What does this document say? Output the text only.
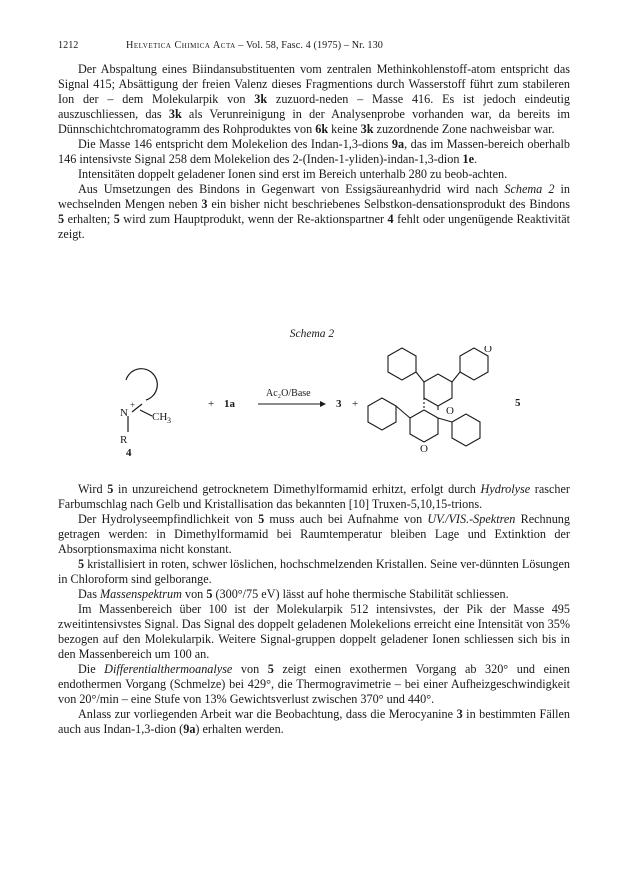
1212	Helvetica Chimica Acta – Vol. 58, Fasc. 4 (1975) – Nr. 130

Der Abspaltung eines Biindansubstituenten vom zentralen Methinkohlenstoff-atom entspricht das Signal 415; Absättigung der freien Valenz dieses Fragmentions durch Wasserstoff führt zum stabileren Ion der – dem Molekularpik von 3k zuzuord-neden – Masse 416. Es ist jedoch eindeutig auszuschliessen, das 3k als Verunreinigung in der Analysenprobe vorhanden war, da bereits im Dünnschichtchromatogramm des Rohproduktes von 6k keine 3k zuzordnende Zone nachweisbar war.

Die Masse 146 entspricht dem Molekelion des Indan-1,3-dions 9a, das im Massen-bereich oberhalb 146 intensivste Signal 258 dem Molekelion des 2-(Inden-1-yliden)-indan-1,3-dion 1e.

Intensitäten doppelt geladener Ionen sind erst im Bereich unterhalb 280 zu beob-achten.

Aus Umsetzungen des Bindons in Gegenwart von Essigsäureanhydrid wird nach Schema 2 in wechselnden Mengen neben 3 ein bisher nicht beschriebenes Selbstkon-densationsprodukt des Bindons 5 erhalten; 5 wird zum Hauptprodukt, wenn der Re-aktionspartner 4 fehlt oder ungenügende Reaktivität zeigt.

Schema 2
N
+
CH 3
R
4
+ 1a
Ac₂O/Base
3 +
O
O
O
5

Wird 5 in unzureichend getrocknetem Dimethylformamid erhitzt, erfolgt durch Hydrolyse rascher Farbumschlag nach Gelb und Kristallisation das bekannten [10] Truxen-5,10,15-trions.

Der Hydrolyseempfindlichkeit von 5 muss auch bei Aufnahme von UV./VIS.-Spektren Rechnung getragen werden: in Dimethylformamid bei Raumtemperatur bleiben Lage und Extinktion der Absorptionsmaxima nicht konstant.

5 kristallisiert in roten, schwer löslichen, hochschmelzenden Kristallen. Seine ver-dünnten Lösungen in Chloroform sind gelborange.

Das Massenspektrum von 5 (300°/75 eV) lässt auf hohe thermische Stabilität schliessen.

Im Massenbereich über 100 ist der Molekularpik 512 intensivstes, der Pik der Masse 495 zweitintensivstes Signal. Das Signal des doppelt geladenen Molekelions erreicht eine Intensität von 35% bezogen auf den Molekularpik. Weitere Signal-gruppen doppelt geladener Ionen schliessen sich bis in den Massenbereich um 100 an.

Die Differentialthermoanalyse von 5 zeigt einen exothermen Vorgang ab 320° und einen endothermen Vorgang (Schmelze) bei 429°, die Thermogravimetrie – bei einer Aufheizgeschwindigkeit von 20°/min – eine Stufe von 13% Gewichtsverlust zwischen 370° und 440°.

Anlass zur vorliegenden Arbeit war die Beobachtung, dass die Merocyanine 3 in bestimmten Fällen auch aus Indan-1,3-dion (9a) erhalten werden.
